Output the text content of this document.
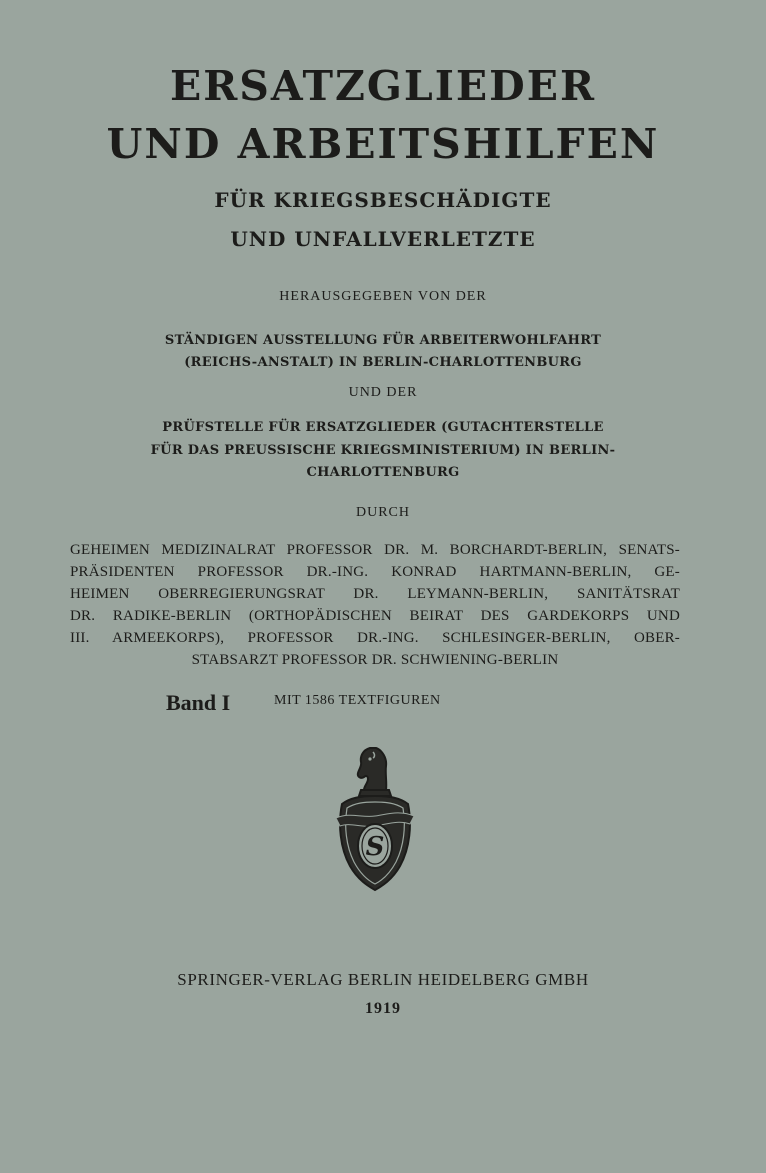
ERSATZGLIEDER
UND ARBEITSHILFEN
FÜR KRIEGSBESCHÄDIGTE
UND UNFALLVERLETZTE
HERAUSGEGEBEN VON DER
STÄNDIGEN AUSSTELLUNG FÜR ARBEITERWOHLFAHRT
(REICHS-ANSTALT) IN BERLIN-CHARLOTTENBURG
UND DER
PRÜFSTELLE FÜR ERSATZGLIEDER (GUTACHTERSTELLE
FÜR DAS PREUSSISCHE KRIEGSMINISTERIUM) IN BERLIN-
CHARLOTTENBURG
DURCH
GEHEIMEN MEDIZINALRAT PROFESSOR DR. M. BORCHARDT-BERLIN, SENATS-
PRÄSIDENTEN PROFESSOR DR.-ING. KONRAD HARTMANN-BERLIN, GE-
HEIMEN OBERREGIERUNGSRAT DR. LEYMANN-BERLIN, SANITÄTSRAT
DR. RADIKE-BERLIN (ORTHOPÄDISCHEN BEIRAT DES GARDEKORPS UND
III. ARMEEKORPS), PROFESSOR DR.-ING. SCHLESINGER-BERLIN, OBER-
STABSARZT PROFESSOR DR. SCHWIENING-BERLIN
Band I	MIT 1586 TEXTFIGUREN
S
SPRINGER-VERLAG BERLIN HEIDELBERG GMBH
1919
